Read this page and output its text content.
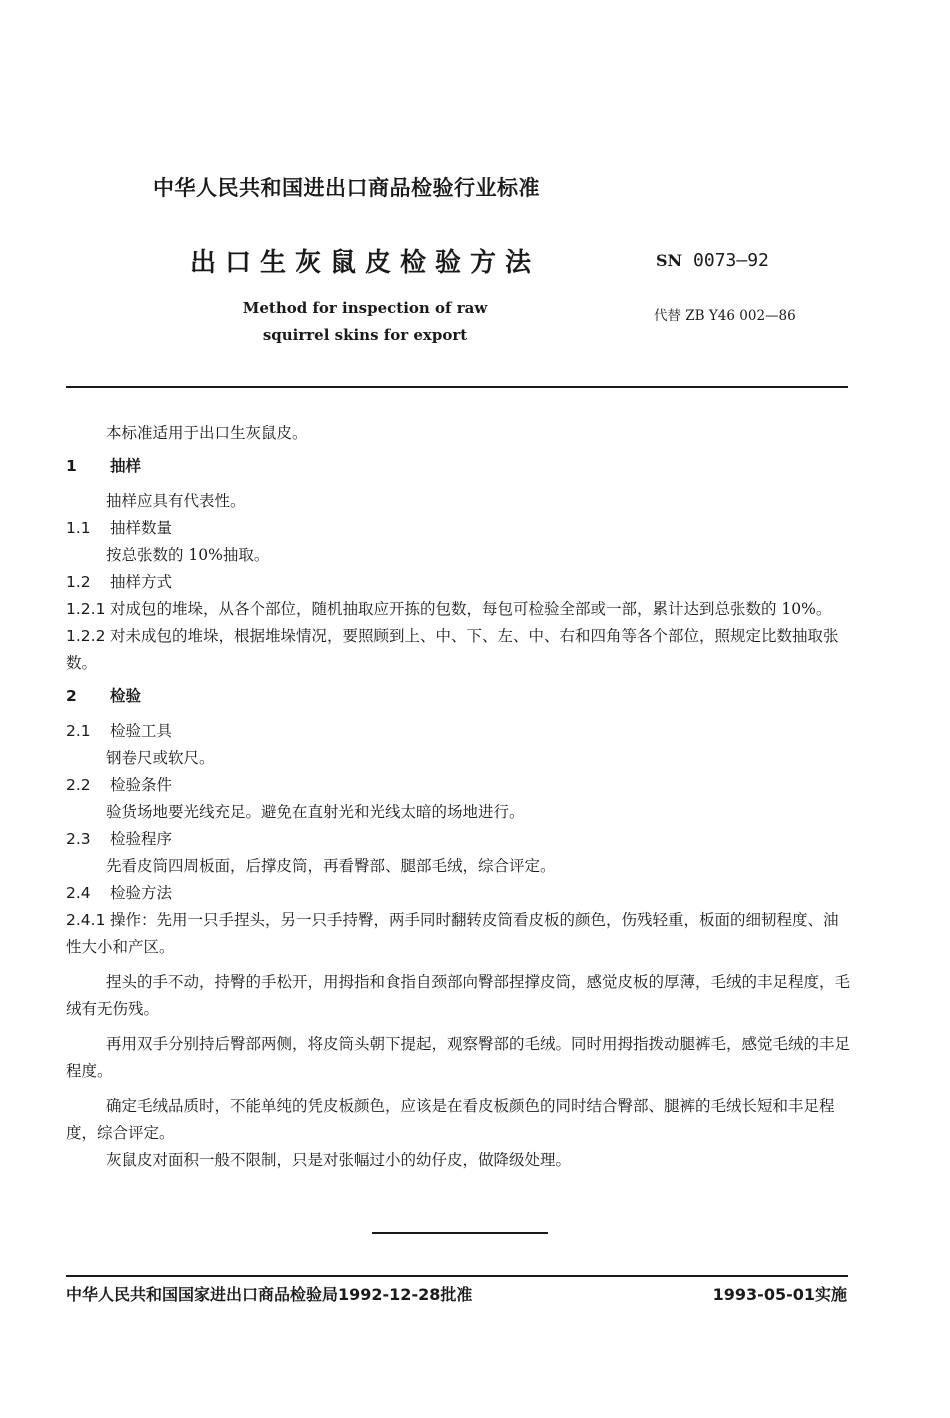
中华人民共和国进出口商品检验行业标准
出口生灰鼠皮检验方法	SN 0073—92
Method for inspection of raw
squirrel skins for export
代替 ZB Y46 002—86

本标准适用于出口生灰鼠皮。

1 抽样

抽样应具有代表性。

1.1 抽样数量

按总张数的 10%抽取。

1.2 抽样方式

1.2.1 对成包的堆垛，从各个部位，随机抽取应开拣的包数，每包可检验全部或一部，累计达到总张数的 10%。

1.2.2 对未成包的堆垛，根据堆垛情况，要照顾到上、中、下、左、中、右和四角等各个部位，照规定比数抽取张数。

2 检验

2.1 检验工具

钢卷尺或软尺。

2.2 检验条件

验货场地要光线充足。避免在直射光和光线太暗的场地进行。

2.3 检验程序

先看皮筒四周板面，后撑皮筒，再看臀部、腿部毛绒，综合评定。

2.4 检验方法

2.4.1 操作：先用一只手捏头，另一只手持臀，两手同时翻转皮筒看皮板的颜色，伤残轻重，板面的细韧程度、油性大小和产区。

捏头的手不动，持臀的手松开，用拇指和食指自颈部向臀部捏撑皮筒，感觉皮板的厚薄，毛绒的丰足程度，毛绒有无伤残。

再用双手分别持后臀部两侧，将皮筒头朝下提起，观察臀部的毛绒。同时用拇指拨动腿裤毛，感觉毛绒的丰足程度。

确定毛绒品质时，不能单纯的凭皮板颜色，应该是在看皮板颜色的同时结合臀部、腿裤的毛绒长短和丰足程度，综合评定。

灰鼠皮对面积一般不限制，只是对张幅过小的幼仔皮，做降级处理。

中华人民共和国国家进出口商品检验局1992-12-28批准	1993-05-01实施
